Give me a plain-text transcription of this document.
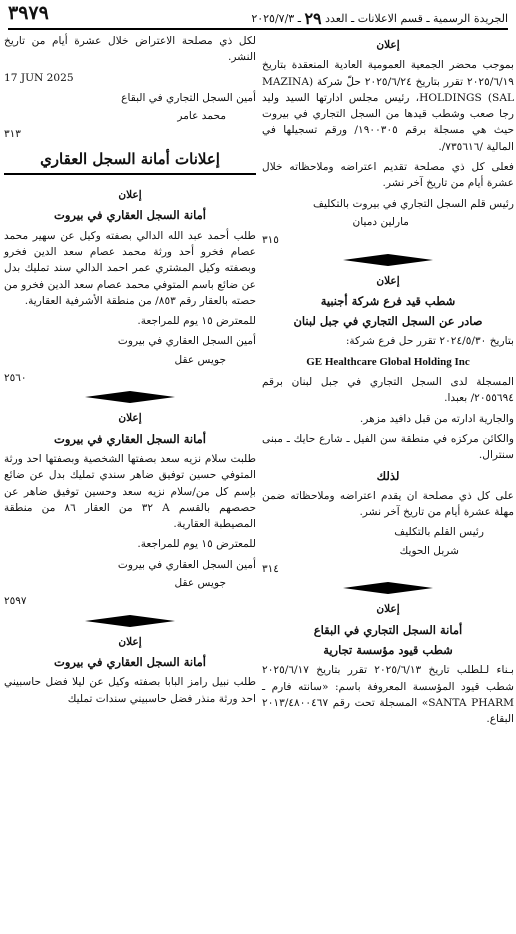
الجريدة الرسمية ـ قسم الاعلانات ـ العدد ٢٩ ـ ٢٠٢٥/٧/٣
٣٩٧٩
إعلان

بموجب محضر الجمعية العمومية العادية المنعقدة بتاريخ ٢٠٢٥/٦/١٩ تقرر بتاريخ ٢٠٢٥/٦/٢٤ حلّ شركة (MAZINA HOLDINGS (SAL، رئيس مجلس ادارتها السيد وليد رجا صعب وشطب قيدها من السجل التجاري في بيروت حيث هي مسجلة برقم ١٩٠٠٣٠٥/ ورقم تسجيلها في المالية /٧٣٥٦١٦/.

فعلى كل ذي مصلحة تقديم اعتراضه وملاحظاته خلال عشرة أيام من تاريخ آخر نشر.

رئيس قلم السجل التجاري في بيروت بالتكليف
مارلين دميان
٣١٥
إعلان
شطب قيد فرع شركة أجنبية
صادر عن السجل التجاري في جبل لبنان

بتاريخ ٢٠٢٤/٥/٣٠ تقرر حل فرع شركة:

GE Healthcare Global Holding Inc

المسجلة لدى السجل التجاري في جبل لبنان برقم ٢٠٥٥٦٩٤/ بعبدا.

والجارية ادارته من قبل دافيد مزهر.

والكائن مركزه في منطقة سن الفيل ـ شارع حايك ـ مبنى سنترال.

لذلك

على كل ذي مصلحة ان يقدم اعتراضه وملاحظاته ضمن مهلة عشرة أيام من تاريخ آخر نشر.

رئيس القلم بالتكليف
شربل الحويك
٣١٤
إعلان
أمانة السجل التجاري في البقاع
شطب قيود مؤسسة تجارية

بـناء لـلطلب تاريخ ٢٠٢٥/٦/١٣ تقرر بتاريخ ٢٠٢٥/٦/١٧ شطب قيود المؤسسة المعروفة باسم: «سانته فارم ـ SANTA PHARM» المسجلة تحت رقم ٢٠١٣/٤٨٠٠٤٦٧ البقاع.

لكل ذي مصلحة الاعتراض خلال عشرة أيام من تاريخ النشر.

17 JUN 2025
أمين السجل التجاري في البقاع
محمد عامر
٣١٣
إعلانات أمانة السجل العقاري
إعلان
أمانة السجل العقاري في بيروت

طلب أحمد عبد الله الدالي بصفته وكيل عن سهير محمد عصام فخرو أحد ورثة محمد عصام سعد الدين فخرو وبصفته وكيل المشتري عمر احمد الدالي سند تمليك بدل عن ضائع باسم المتوفي محمد عصام سعد الدين فخرو من حصته بالعقار رقم ٨٥٣/ من منطقة الأشرفية العقارية.

للمعترض ١٥ يوم للمراجعة.

أمين السجل العقاري في بيروت
جويس عقل
٢٥٦٠
إعلان
أمانة السجل العقاري في بيروت

طلبت سلام نزيه سعد بصفتها الشخصية وبصفتها احد ورثة المتوفي حسين توفيق ضاهر سندي تمليك بدل عن ضائع بإسم كل من/سلام نزيه سعد وحسين توفيق ضاهر عن حصصهم بالقسم A ٣٢ من العقار ٨٦ من منطقة المصيطبة العقارية.

للمعترض ١٥ يوم للمراجعة.

أمين السجل العقاري في بيروت
جويس عقل
٢٥٩٧
إعلان
أمانة السجل العقاري في بيروت

طلب نبيل رامز البابا بصفته وكيل عن ليلا فضل حاسبيني احد ورثة منذر فضل حاسبيني سندات تمليك
